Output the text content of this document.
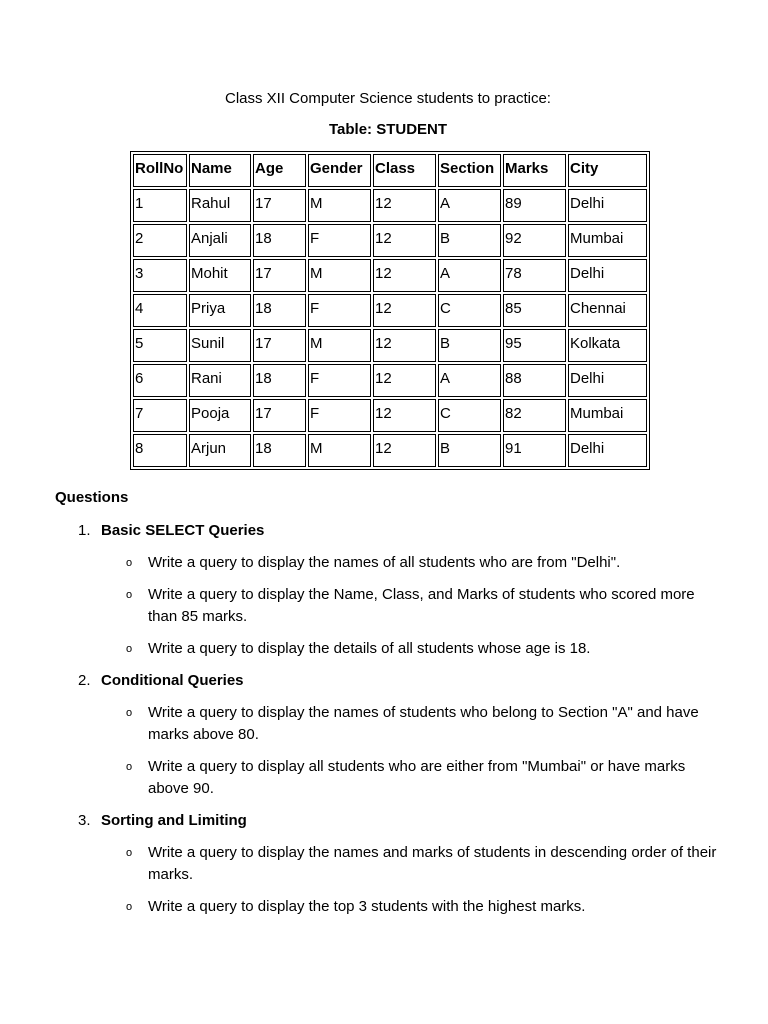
Class XII Computer Science students to practice:
Table: STUDENT
RollNo	Name	Age	Gender	Class	Section	Marks	City
1	Rahul	17	M	12	A	89	Delhi
2	Anjali	18	F	12	B	92	Mumbai
3	Mohit	17	M	12	A	78	Delhi
4	Priya	18	F	12	C	85	Chennai
5	Sunil	17	M	12	B	95	Kolkata
6	Rani	18	F	12	A	88	Delhi
7	Pooja	17	F	12	C	82	Mumbai
8	Arjun	18	M	12	B	91	Delhi
Questions
1. Basic SELECT Queries
o Write a query to display the names of all students who are from "Delhi".
o Write a query to display the Name, Class, and Marks of students who scored more than 85 marks.
o Write a query to display the details of all students whose age is 18.
2. Conditional Queries
o Write a query to display the names of students who belong to Section "A" and have marks above 80.
o Write a query to display all students who are either from "Mumbai" or have marks above 90.
3. Sorting and Limiting
o Write a query to display the names and marks of students in descending order of their marks.
o Write a query to display the top 3 students with the highest marks.
